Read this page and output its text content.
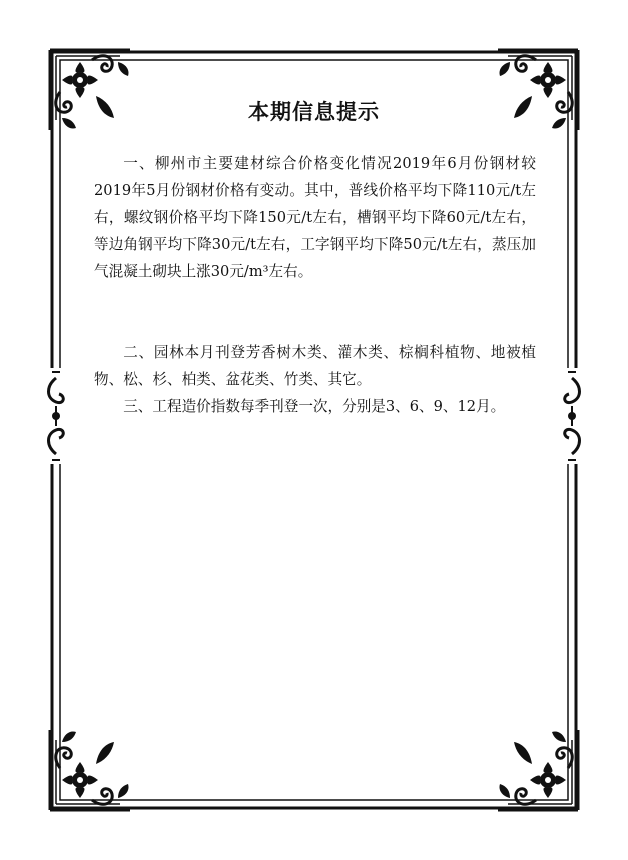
本期信息提示

一、柳州市主要建材综合价格变化情况2019年6月份钢材较2019年5月份钢材价格有变动。其中，普线价格平均下降110元/t左右，螺纹钢价格平均下降150元/t左右，槽钢平均下降60元/t左右，等边角钢平均下降30元/t左右，工字钢平均下降50元/t左右，蒸压加气混凝土砌块上涨30元/m³左右。

二、园林本月刊登芳香树木类、灌木类、棕榈科植物、地被植物、松、杉、柏类、盆花类、竹类、其它。

三、工程造价指数每季刊登一次，分别是3、6、9、12月。
